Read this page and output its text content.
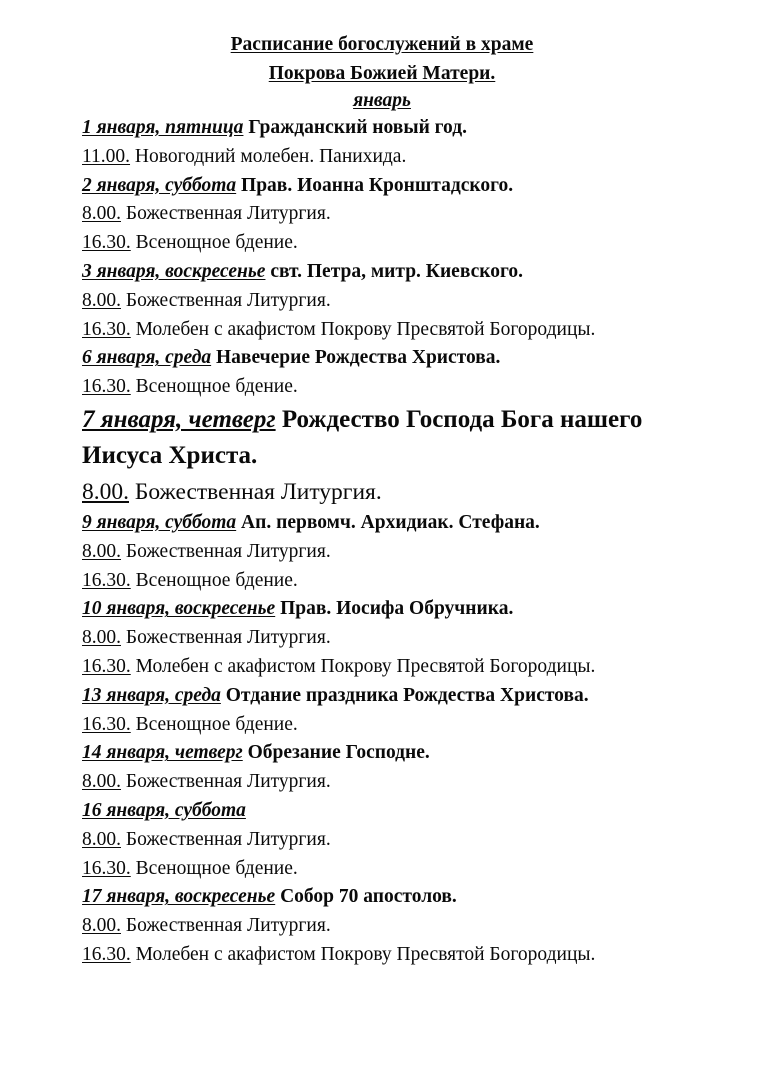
Расписание богослужений в храме
Покрова Божией Матери.
январь
1 января, пятница Гражданский новый год.
11.00. Новогодний молебен. Панихида.
2 января, суббота Прав. Иоанна Кронштадского.
8.00. Божественная Литургия.
16.30. Всенощное бдение.
3 января, воскресенье свт. Петра, митр. Киевского.
8.00. Божественная Литургия.
16.30. Молебен с акафистом Покрову Пресвятой Богородицы.
6 января, среда Навечерие Рождества Христова.
16.30. Всенощное бдение.
7 января, четверг Рождество Господа Бога нашего Иисуса Христа.
8.00. Божественная Литургия.
9 января, суббота Ап. первомч. Архидиак. Стефана.
8.00. Божественная Литургия.
16.30. Всенощное бдение.
10 января, воскресенье Прав. Иосифа Обручника.
8.00. Божественная Литургия.
16.30. Молебен с акафистом Покрову Пресвятой Богородицы.
13 января, среда Отдание праздника Рождества Христова.
16.30. Всенощное бдение.
14 января, четверг Обрезание Господне.
8.00. Божественная Литургия.
16 января, суббота
8.00. Божественная Литургия.
16.30. Всенощное бдение.
17 января, воскресенье Собор 70 апостолов.
8.00. Божественная Литургия.
16.30. Молебен с акафистом Покрову Пресвятой Богородицы.
